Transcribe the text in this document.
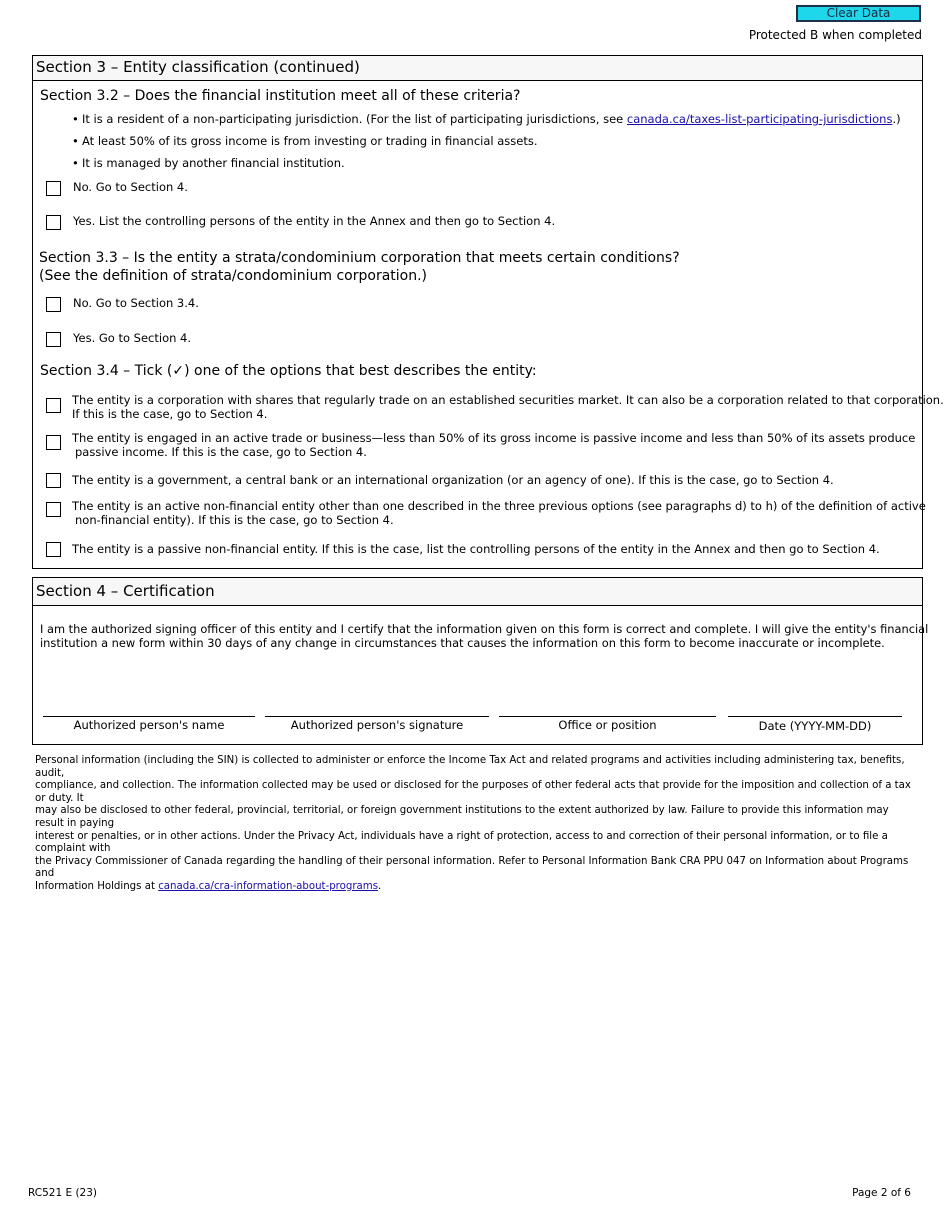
Clear Data
Protected B when completed
Section 3 – Entity classification (continued)
Section 3.2 – Does the financial institution meet all of these criteria?
• It is a resident of a non-participating jurisdiction. (For the list of participating jurisdictions, see canada.ca/taxes-list-participating-jurisdictions.)
• At least 50% of its gross income is from investing or trading in financial assets.
• It is managed by another financial institution.
No. Go to Section 4.
Yes. List the controlling persons of the entity in the Annex and then go to Section 4.
Section 3.3 – Is the entity a strata/condominium corporation that meets certain conditions?
(See the definition of strata/condominium corporation.)
No. Go to Section 3.4.
Yes. Go to Section 4.
Section 3.4 – Tick (✓) one of the options that best describes the entity:
The entity is a corporation with shares that regularly trade on an established securities market. It can also be a corporation related to that corporation.
If this is the case, go to Section 4.
The entity is engaged in an active trade or business—less than 50% of its gross income is passive income and less than 50% of its assets produce
passive income. If this is the case, go to Section 4.
The entity is a government, a central bank or an international organization (or an agency of one). If this is the case, go to Section 4.
The entity is an active non-financial entity other than one described in the three previous options (see paragraphs d) to h) of the definition of active
non-financial entity). If this is the case, go to Section 4.
The entity is a passive non-financial entity. If this is the case, list the controlling persons of the entity in the Annex and then go to Section 4.
Section 4 – Certification
I am the authorized signing officer of this entity and I certify that the information given on this form is correct and complete. I will give the entity's financial
institution a new form within 30 days of any change in circumstances that causes the information on this form to become inaccurate or incomplete.
Authorized person's name	Authorized person's signature	Office or position	Date (YYYY-MM-DD)
Personal information (including the SIN) is collected to administer or enforce the Income Tax Act and related programs and activities including administering tax, benefits, audit,
compliance, and collection. The information collected may be used or disclosed for the purposes of other federal acts that provide for the imposition and collection of a tax or duty. It
may also be disclosed to other federal, provincial, territorial, or foreign government institutions to the extent authorized by law. Failure to provide this information may result in paying
interest or penalties, or in other actions. Under the Privacy Act, individuals have a right of protection, access to and correction of their personal information, or to file a complaint with
the Privacy Commissioner of Canada regarding the handling of their personal information. Refer to Personal Information Bank CRA PPU 047 on Information about Programs and
Information Holdings at canada.ca/cra-information-about-programs.
RC521 E (23)	Page 2 of 6
